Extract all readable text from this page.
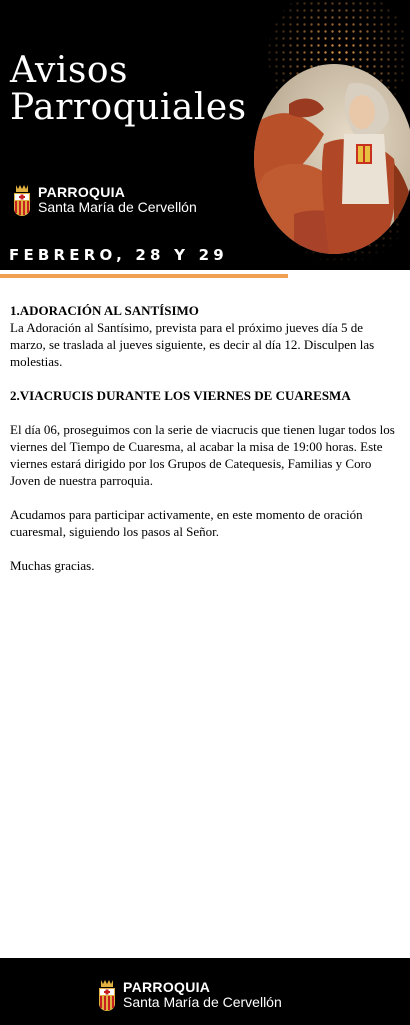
Avisos
Parroquiales
PARROQUIA
Santa María de Cervellón
FEBRERO, 28 Y 29

1.ADORACIÓN AL SANTÍSIMO

La Adoración al Santísimo, prevista para el próximo jueves día 5 de marzo, se traslada al jueves siguiente, es decir al día 12. Disculpen las molestias.

2.VIACRUCIS DURANTE LOS VIERNES DE CUARESMA

El día 06, proseguimos con la serie de viacrucis que tienen lugar todos los viernes del Tiempo de Cuaresma, al acabar la misa de 19:00 horas. Este viernes estará dirigido por los Grupos de Catequesis, Familias y Coro Joven de nuestra parroquia.

Acudamos para participar activamente, en este momento de oración cuaresmal, siguiendo los pasos al Señor.

Muchas gracias.

PARROQUIA
Santa María de Cervellón
